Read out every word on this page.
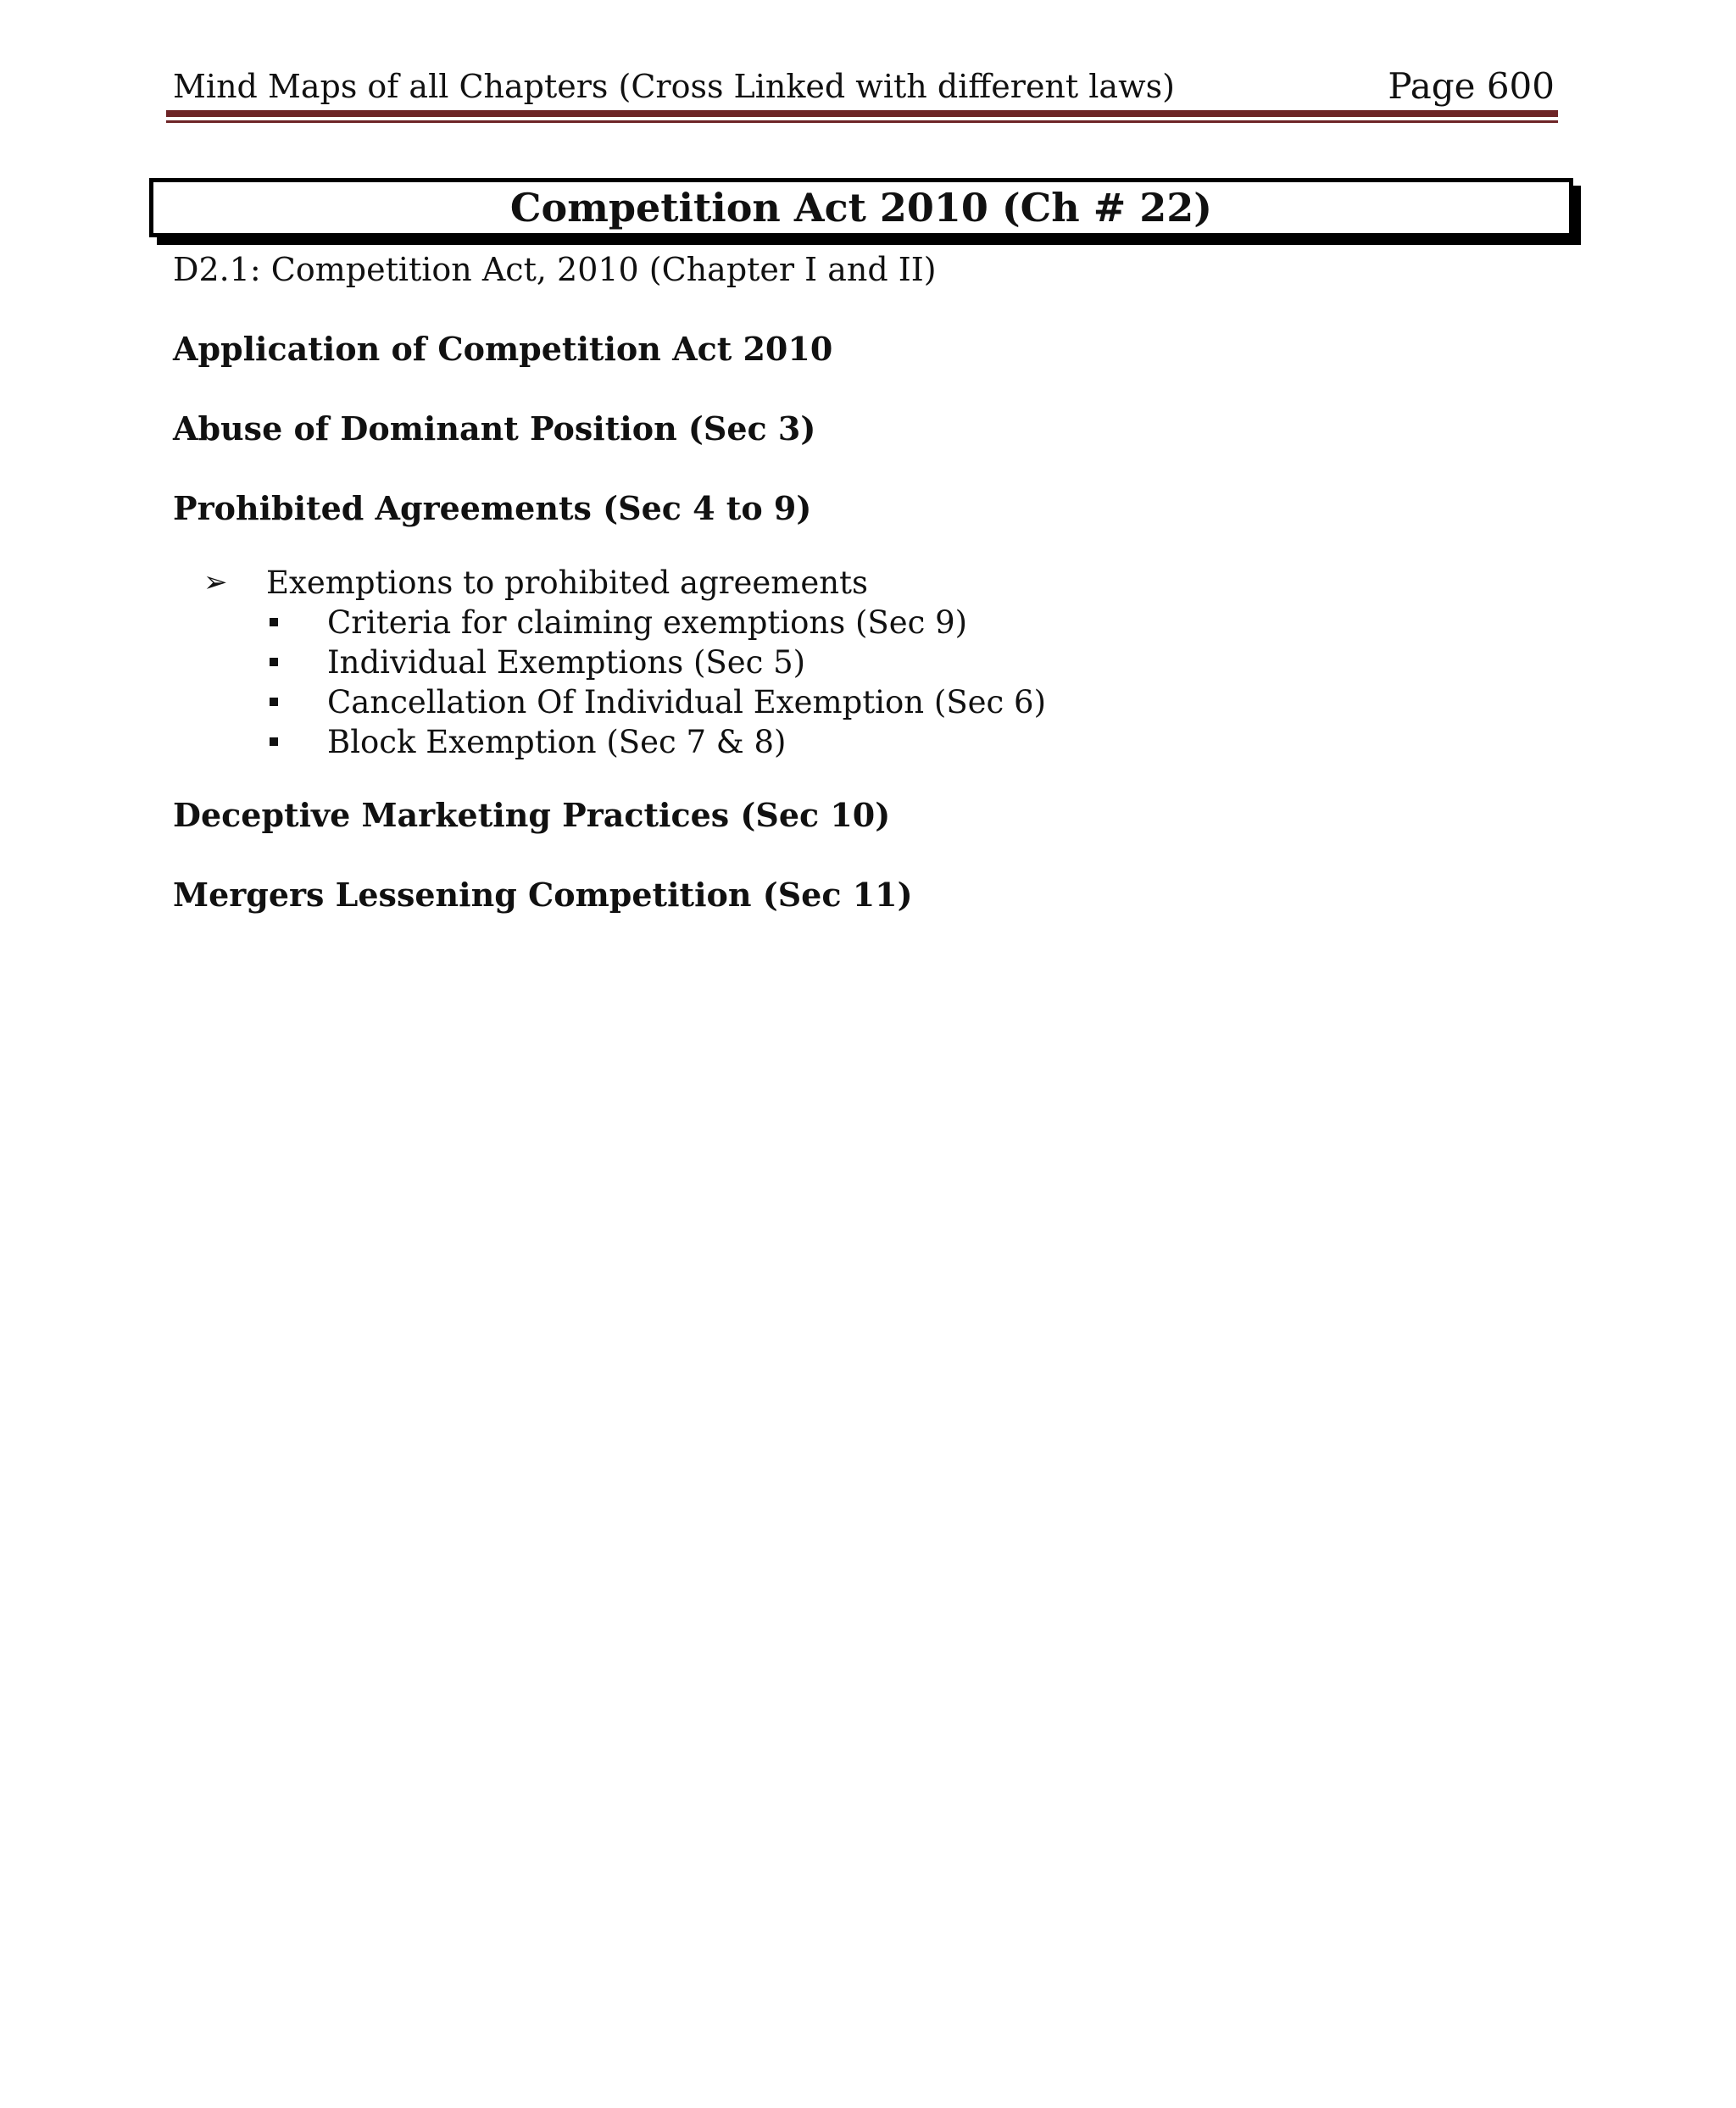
Mind Maps of all Chapters (Cross Linked with different laws)	Page 600
Competition Act 2010 (Ch # 22)
D2.1: Competition Act, 2010 (Chapter I and II)
Application of Competition Act 2010
Abuse of Dominant Position (Sec 3)
Prohibited Agreements (Sec 4 to 9)
➢ Exemptions to prohibited agreements
Criteria for claiming exemptions (Sec 9)
Individual Exemptions (Sec 5)
Cancellation Of Individual Exemption (Sec 6)
Block Exemption (Sec 7 & 8)
Deceptive Marketing Practices (Sec 10)
Mergers Lessening Competition (Sec 11)
